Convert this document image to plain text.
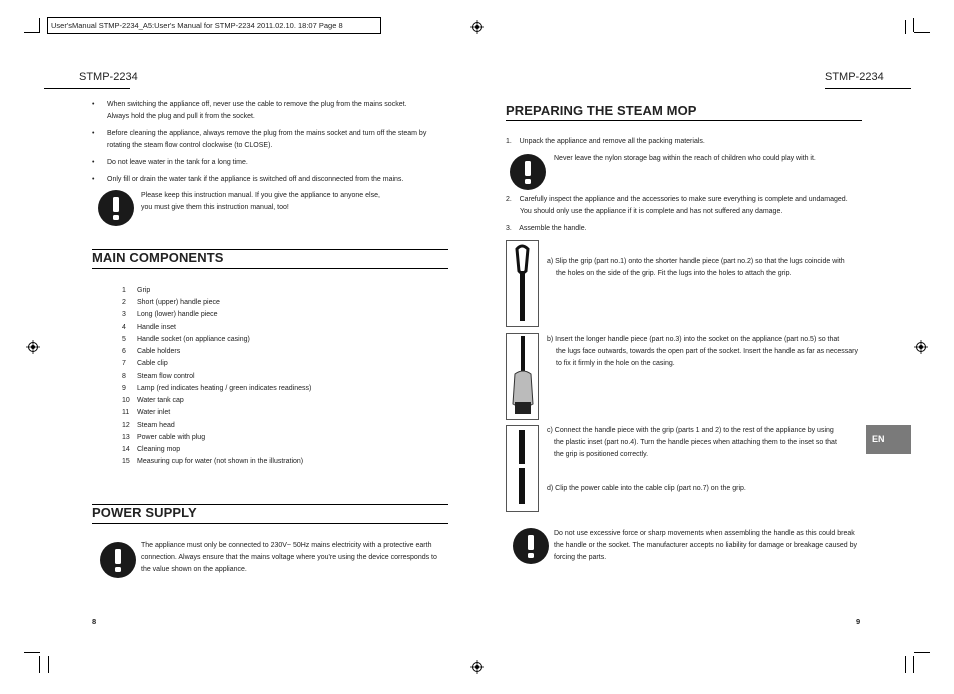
User'sManual STMP-2234_A5:User's Manual for STMP-2234 2011.02.10. 18:07 Page 8
STMP-2234
• When switching the appliance off, never use the cable to remove the plug from the mains socket.
Always hold the plug and pull it from the socket.
• Before cleaning the appliance, always remove the plug from the mains socket and turn off the steam by
rotating the steam flow control clockwise (to CLOSE).
• Do not leave water in the tank for a long time.
• Only fill or drain the water tank if the appliance is switched off and disconnected from the mains.
Please keep this instruction manual. If you give the appliance to anyone else,
you must give them this instruction manual, too!
MAIN COMPONENTS
1 Grip
2 Short (upper) handle piece
3 Long (lower) handle piece
4 Handle inset
5 Handle socket (on appliance casing)
6 Cable holders
7 Cable clip
8 Steam flow control
9 Lamp (red indicates heating / green indicates readiness)
10 Water tank cap
11 Water inlet
12 Steam head
13 Power cable with plug
14 Cleaning mop
15 Measuring cup for water (not shown in the illustration)
POWER SUPPLY
The appliance must only be connected to 230V~ 50Hz mains electricity with a protective earth
connection. Always ensure that the mains voltage where you're using the device corresponds to
the value shown on the appliance.
8
STMP-2234
PREPARING THE STEAM MOP
1.    Unpack the appliance and remove all the packing materials.
Never leave the nylon storage bag within the reach of children who could play with it.
2.    Carefully inspect the appliance and the accessories to make sure everything is complete and undamaged.
You should only use the appliance if it is complete and has not suffered any damage.
3.    Assemble the handle.
a) Slip the grip (part no.1) onto the shorter handle piece (part no.2) so that the lugs coincide with
the holes on the side of the grip. Fit the lugs into the holes to attach the grip.
b) Insert the longer handle piece (part no.3) into the socket on the appliance (part no.5) so that
the lugs face outwards, towards the open part of the socket. Insert the handle as far as necessary
to fix it firmly in the hole on the casing.
c) Connect the handle piece with the grip (parts 1 and 2) to the rest of the appliance by using
the plastic inset (part no.4). Turn the handle pieces when attaching them to the inset so that
the grip is positioned correctly.
d) Clip the power cable into the cable clip (part no.7) on the grip.
Do not use excessive force or sharp movements when assembling the handle as this could break
the handle or the socket. The manufacturer accepts no liability for damage or breakage caused by
forcing the parts.
EN
9
